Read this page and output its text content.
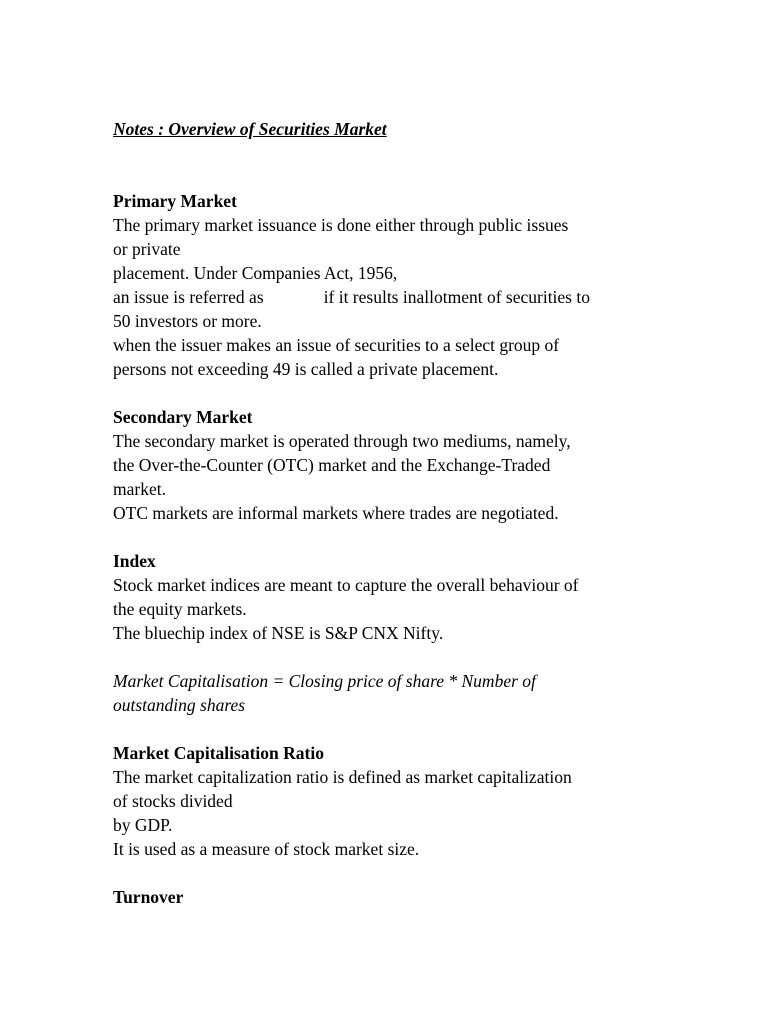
Notes : Overview of Securities Market
Primary Market
The primary market issuance is done either through public issues
or private
placement. Under Companies Act, 1956,
an issue is referred as	if it results inallotment of securities to
50 investors or more.
when the issuer makes an issue of securities to a select group of
persons not exceeding 49 is called a private placement.
Secondary Market
The secondary market is operated through two mediums, namely,
the Over-the-Counter (OTC) market and the Exchange-Traded
market.
OTC markets are informal markets where trades are negotiated.
Index
Stock market indices are meant to capture the overall behaviour of
the equity markets.
The bluechip index of NSE is S&P CNX Nifty.
Market Capitalisation = Closing price of share * Number of
outstanding shares
Market Capitalisation Ratio
The market capitalization ratio is defined as market capitalization
of stocks divided
by GDP.
It is used as a measure of stock market size.
Turnover
